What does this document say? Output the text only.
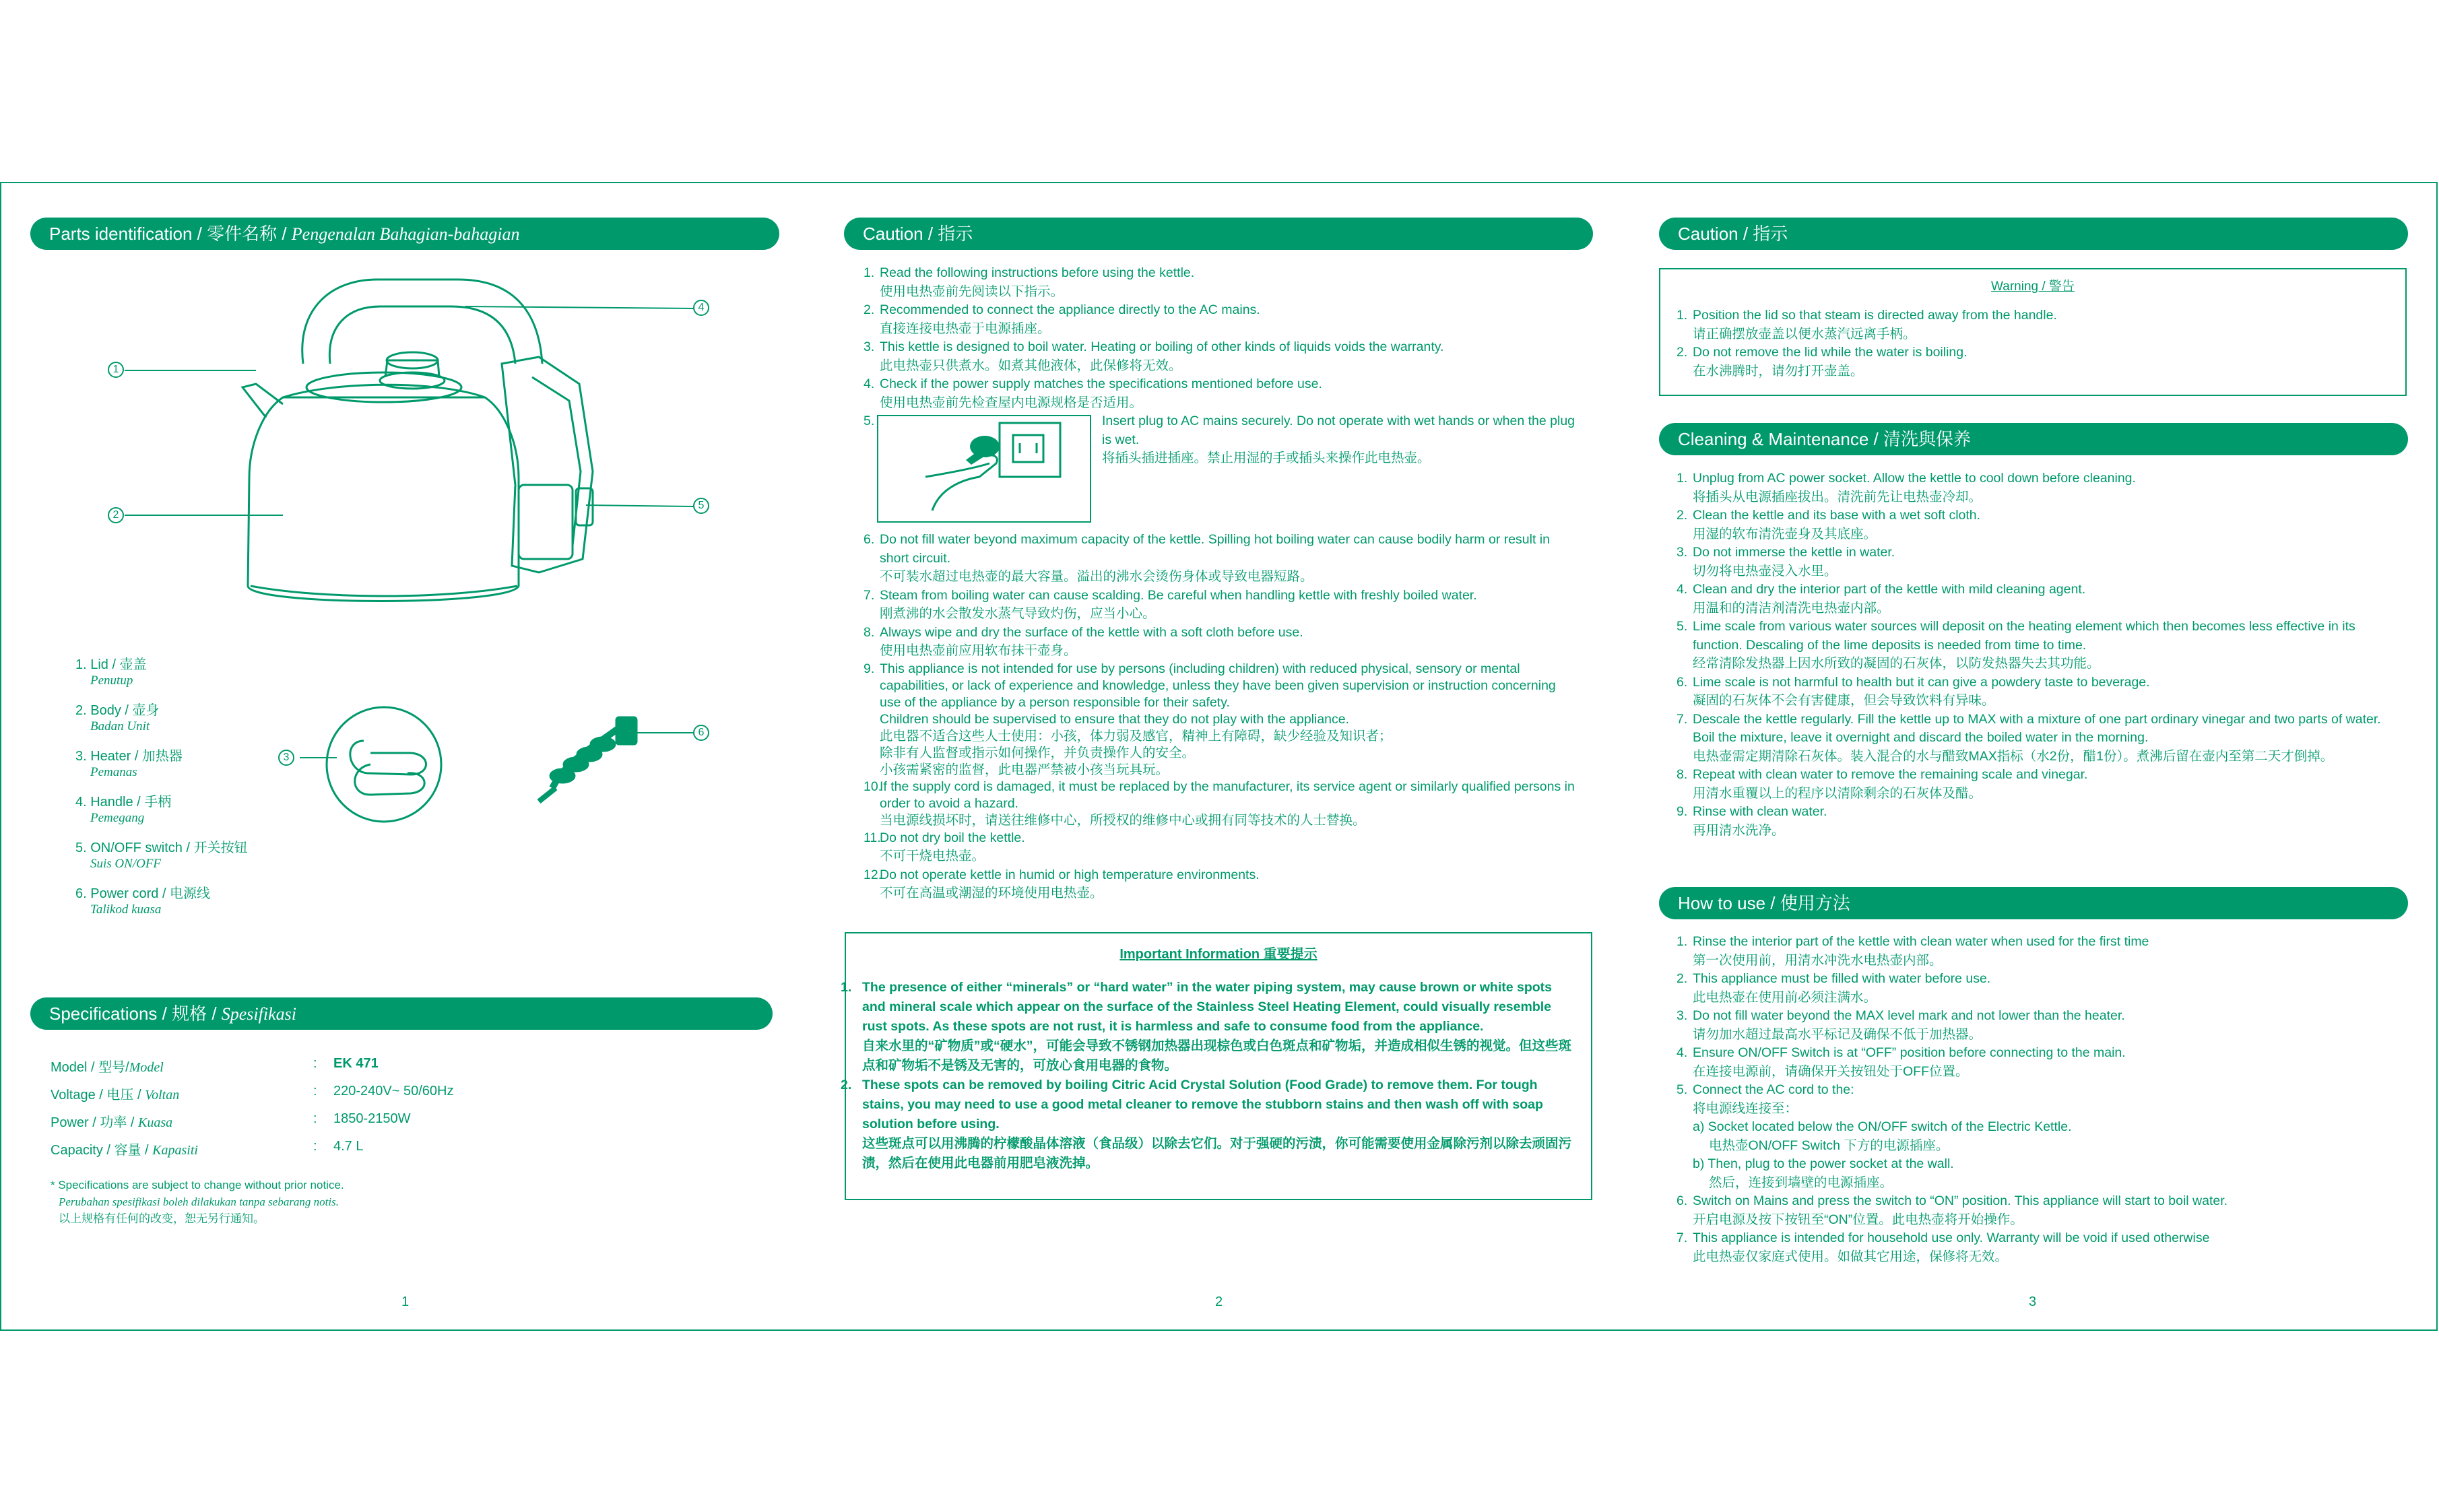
Parts identification / 零件名称 / Pengenalan Bahagian-bahagian
1
2
4
5
3
6
1. Lid / 壶盖
Penutup
2. Body / 壶身
Badan Unit
3. Heater / 加热器
Pemanas
4. Handle / 手柄
Pemegang
5. ON/OFF switch / 开关按钮
Suis ON/OFF
6. Power cord / 电源线
Talikod kuasa
Specifications / 规格 / Spesifikasi
Model / 型号/Model	: EK 471
Voltage / 电压 / Voltan	: 220-240V~ 50/60Hz
Power / 功率 / Kuasa	: 1850-2150W
Capacity / 容量 / Kapasiti	: 4.7 L
* Specifications are subject to change without prior notice.
Perubahan spesifikasi boleh dilakukan tanpa sebarang notis.
以上规格有任何的改变，恕无另行通知。
1
Caution / 指示
1. Read the following instructions before using the kettle.
使用电热壶前先阅读以下指示。
2. Recommended to connect the appliance directly to the AC mains.
直接连接电热壶于电源插座。
3. This kettle is designed to boil water. Heating or boiling of other kinds of liquids voids the warranty.
此电热壶只供煮水。如煮其他液体，此保修将无效。
4. Check if the power supply matches the specifications mentioned before use.
使用电热壶前先检查屋内电源规格是否适用。
5.	Insert plug to AC mains securely. Do not operate with wet hands or when the plug is wet.
将插头插进插座。禁止用湿的手或插头来操作此电热壶。
6. Do not fill water beyond maximum capacity of the kettle. Spilling hot boiling water can cause bodily harm or result in short circuit.
不可装水超过电热壶的最大容量。溢出的沸水会烫伤身体或导致电器短路。
7. Steam from boiling water can cause scalding. Be careful when handling kettle with freshly boiled water.
刚煮沸的水会散发水蒸气导致灼伤，应当小心。
8. Always wipe and dry the surface of the kettle with a soft cloth before use.
使用电热壶前应用软布抹干壶身。
9. This appliance is not intended for use by persons (including children) with reduced physical, sensory or mental capabilities, or lack of experience and knowledge, unless they have been given supervision or instruction concerning use of the appliance by a person responsible for their safety.
Children should be supervised to ensure that they do not play with the appliance.
此电器不适合这些人士使用：小孩，体力弱及感官，精神上有障碍，缺少经验及知识者；
除非有人监督或指示如何操作，并负责操作人的安全。
小孩需紧密的监督，此电器严禁被小孩当玩具玩。
10.
If the supply cord is damaged, it must be replaced by the manufacturer, its service agent or similarly qualified persons in order to avoid a hazard.
当电源线损坏时，请送往维修中心，所授权的维修中心或拥有同等技术的人士替换。
11.
Do not dry boil the kettle.
不可干烧电热壶。
12.
Do not operate kettle in humid or high temperature environments.
不可在高温或潮湿的环境使用电热壶。
Important Information 重要提示

1. The presence of either “minerals” or “hard water” in the water piping system, may cause brown or white spots and mineral scale which appear on the surface of the Stainless Steel Heating Element, could visually resemble rust spots. As these spots are not rust, it is harmless and safe to consume food from the appliance.
自来水里的“矿物质”或“硬水”，可能会导致不锈钢加热器出现棕色或白色斑点和矿物垢，并造成相似生锈的视觉。但这些斑点和矿物垢不是锈及无害的，可放心食用电器的食物。

2. These spots can be removed by boiling Citric Acid Crystal Solution (Food Grade) to remove them. For tough stains, you may need to use a good metal cleaner to remove the stubborn stains and then wash off with soap solution before using.
这些斑点可以用沸腾的柠檬酸晶体溶液（食品级）以除去它们。对于强硬的污渍，你可能需要使用金属除污剂以除去顽固污渍，然后在使用此电器前用肥皂液洗掉。

2
Caution / 指示
Warning / 警告
1. Position the lid so that steam is directed away from the handle.
请正确摆放壶盖以便水蒸汽远离手柄。
2. Do not remove the lid while the water is boiling.
在水沸腾时，请勿打开壶盖。
Cleaning & Maintenance / 清洗與保养
1. Unplug from AC power socket. Allow the kettle to cool down before cleaning.
将插头从电源插座拔出。清洗前先让电热壶冷却。
2. Clean the kettle and its base with a wet soft cloth.
用湿的软布清洗壶身及其底座。
3. Do not immerse the kettle in water.
切勿将电热壶浸入水里。
4. Clean and dry the interior part of the kettle with mild cleaning agent.
用温和的清洁剂清洗电热壶内部。
5. Lime scale from various water sources will deposit on the heating element which then becomes less effective in its function. Descaling of the lime deposits is needed from time to time.
经常清除发热器上因水所致的凝固的石灰体，以防发热器失去其功能。
6. Lime scale is not harmful to health but it can give a powdery taste to beverage.
凝固的石灰体不会有害健康，但会导致饮料有异味。
7. Descale the kettle regularly. Fill the kettle up to MAX with a mixture of one part ordinary vinegar and two parts of water. Boil the mixture, leave it overnight and discard the boiled water in the morning.
电热壶需定期清除石灰体。装入混合的水与醋致MAX指标（水2份，醋1份）。煮沸后留在壶内至第二天才倒掉。
8. Repeat with clean water to remove the remaining scale and vinegar.
用清水重覆以上的程序以清除剩余的石灰体及醋。
9. Rinse with clean water.
再用清水洗净。
How to use / 使用方法
1. Rinse the interior part of the kettle with clean water when used for the first time
第一次使用前，用清水冲洗水电热壶内部。
2. This appliance must be filled with water before use.
此电热壶在使用前必须注满水。
3. Do not fill water beyond the MAX level mark and not lower than the heater.
请勿加水超过最高水平标记及确保不低于加热器。
4. Ensure ON/OFF Switch is at “OFF” position before connecting to the main.
在连接电源前，请确保开关按钮处于OFF位置。
5. Connect the AC cord to the:
将电源线连接至：
a) Socket located below the ON/OFF switch of the Electric Kettle.
电热壶ON/OFF Switch 下方的电源插座。
b) Then, plug to the power socket at the wall.
然后，连接到墙壁的电源插座。
6. Switch on Mains and press the switch to “ON” position. This appliance will start to boil water.
开启电源及按下按钮至“ON”位置。此电热壶将开始操作。
7. This appliance is intended for household use only. Warranty will be void if used otherwise
此电热壶仅家庭式使用。如做其它用途，保修将无效。
3
